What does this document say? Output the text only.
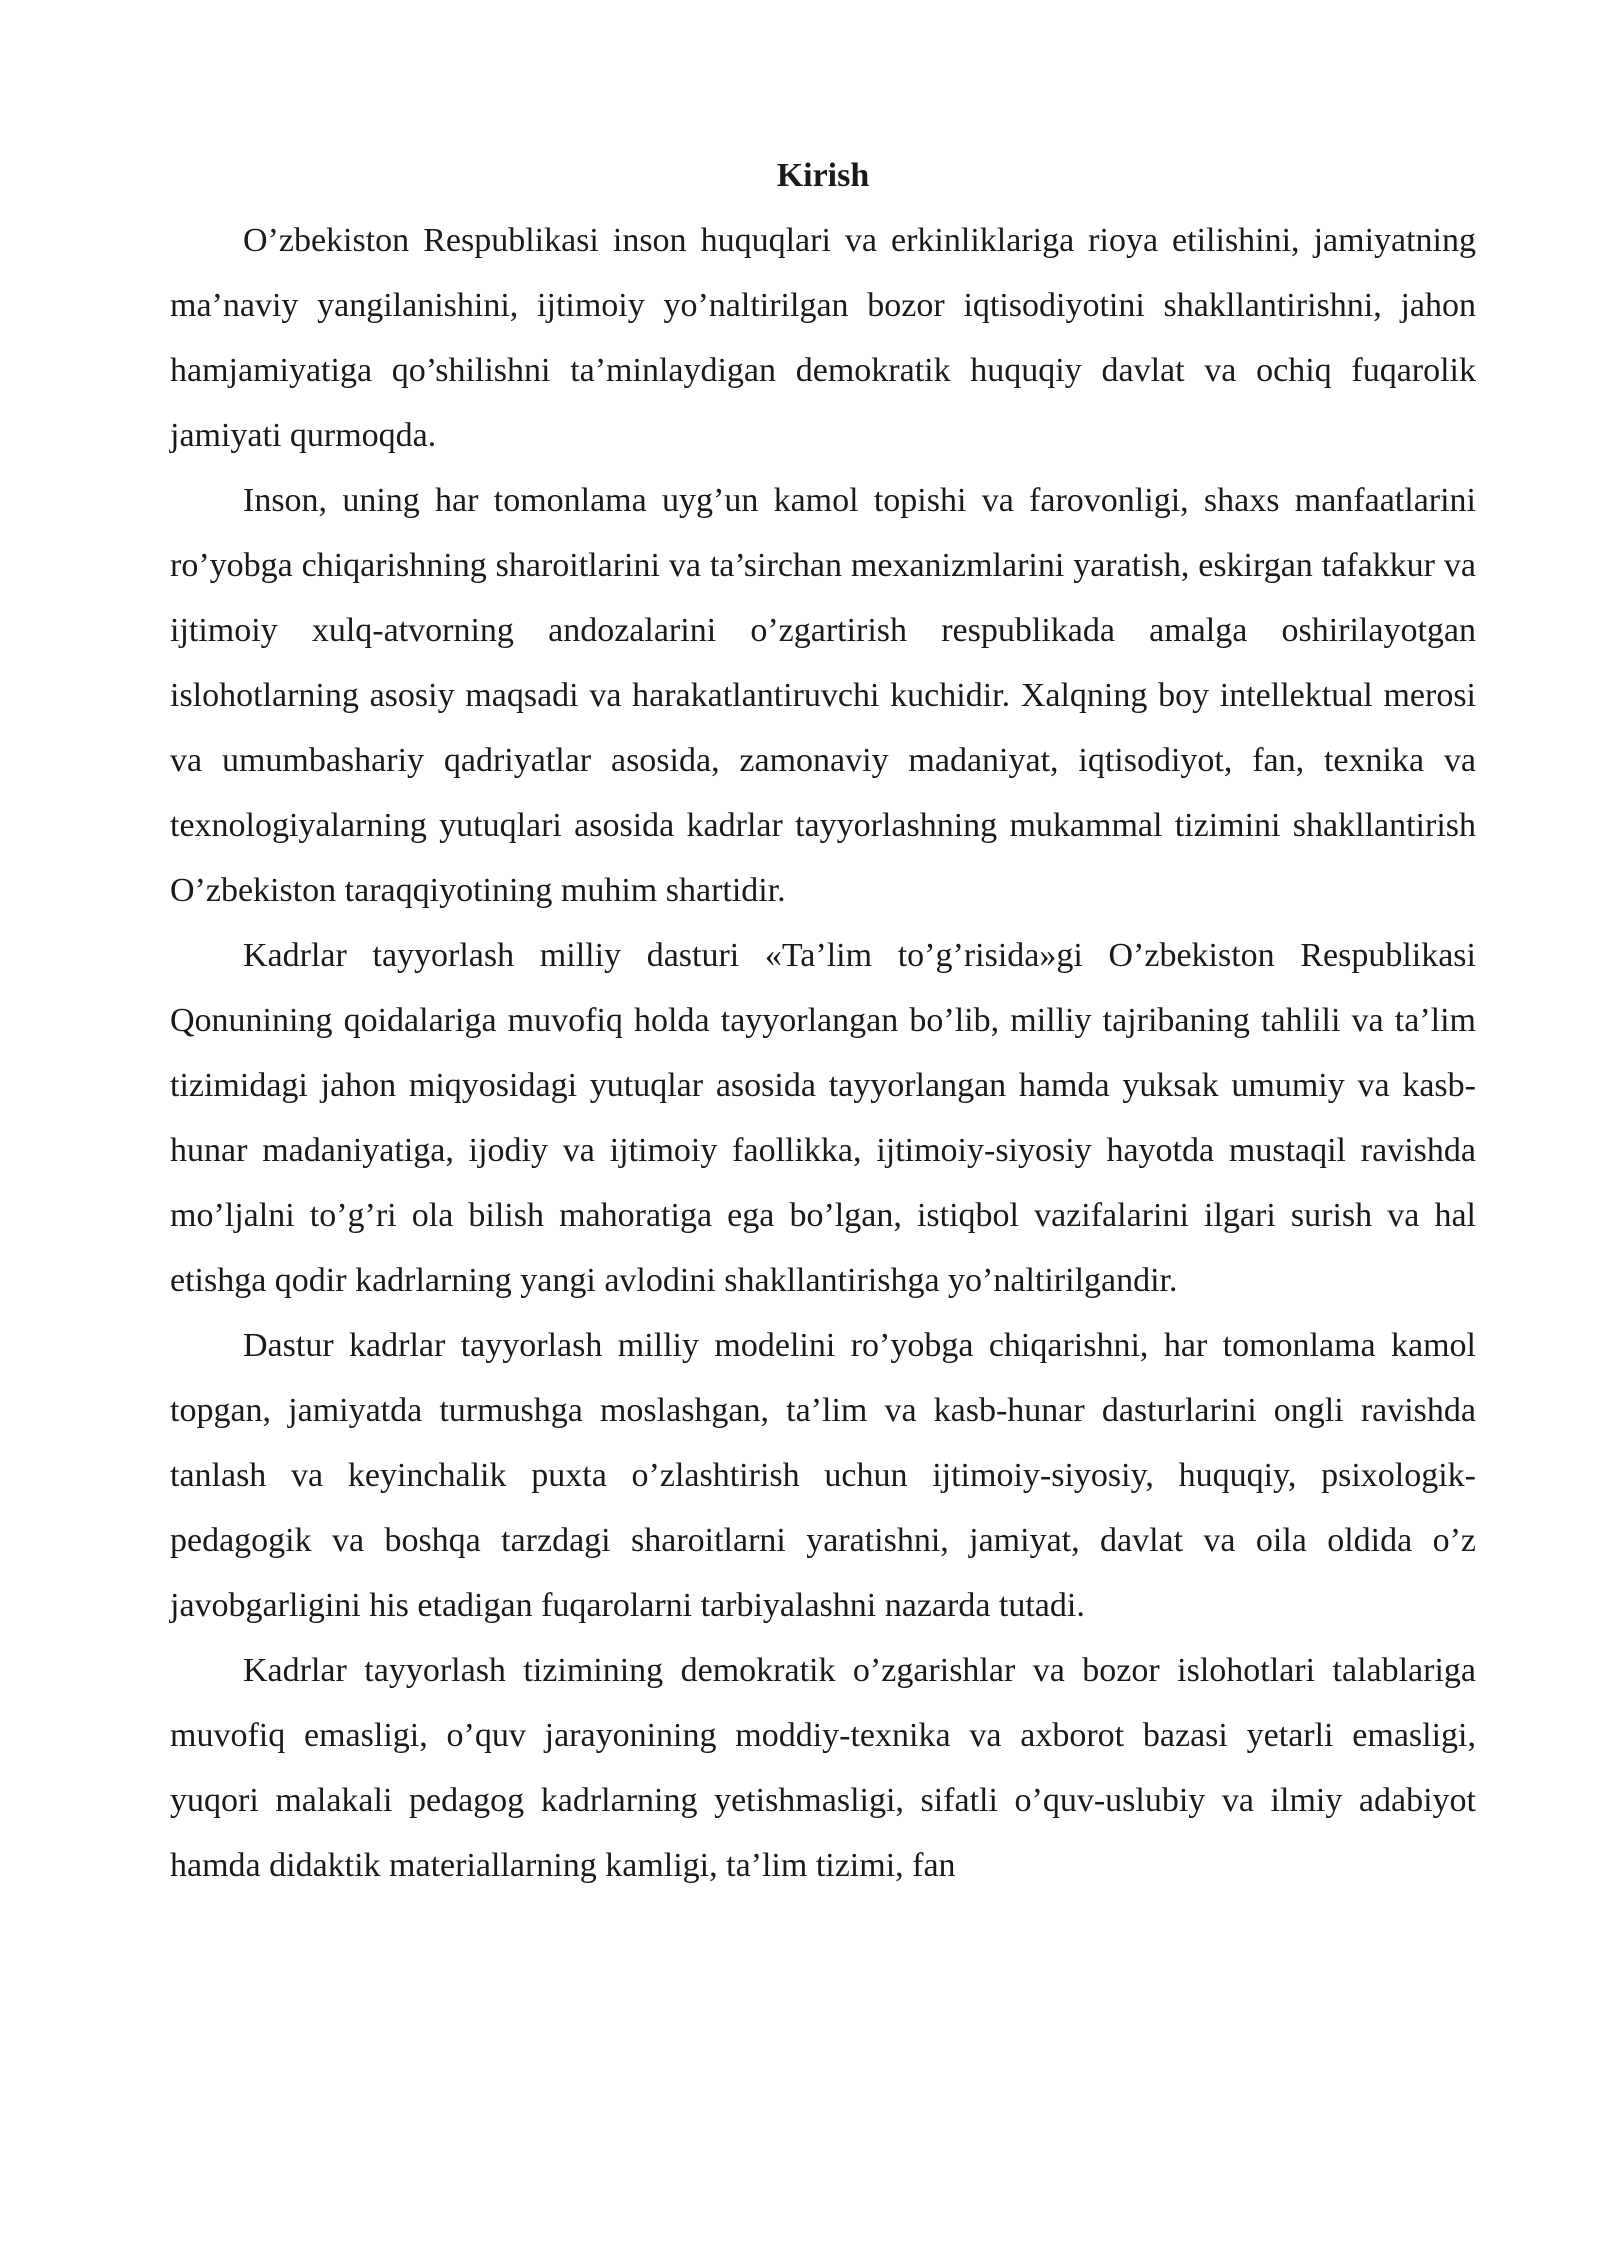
Kirish

O’zbekiston Respublikasi inson huquqlari va erkinliklariga rioya etilishini, jamiyatning ma’naviy yangilanishini, ijtimoiy yo’naltirilgan bozor iqtisodiyotini shakllantirishni, jahon hamjamiyatiga qo’shilishni ta’minlaydigan demokratik huquqiy davlat va ochiq fuqarolik jamiyati qurmoqda.

Inson, uning har tomonlama uyg’un kamol topishi va farovonligi, shaxs manfaatlarini ro’yobga chiqarishning sharoitlarini va ta’sirchan mexanizmlarini yaratish, eskirgan tafakkur va ijtimoiy xulq-atvorning andozalarini o’zgartirish respublikada amalga oshirilayotgan islohotlarning asosiy maqsadi va harakatlantiruvchi kuchidir. Xalqning boy intellektual merosi va umumbashariy qadriyatlar asosida, zamonaviy madaniyat, iqtisodiyot, fan, texnika va texnologiyalarning yutuqlari asosida kadrlar tayyorlashning mukammal tizimini shakllantirish O’zbekiston taraqqiyotining muhim shartidir.

Kadrlar tayyorlash milliy dasturi «Ta’lim to’g’risida»gi O’zbekiston Respublikasi Qonunining qoidalariga muvofiq holda tayyorlangan bo’lib, milliy tajribaning tahlili va ta’lim tizimidagi jahon miqyosidagi yutuqlar asosida tayyorlangan hamda yuksak umumiy va kasb-hunar madaniyatiga, ijodiy va ijtimoiy faollikka, ijtimoiy-siyosiy hayotda mustaqil ravishda mo’ljalni to’g’ri ola bilish mahoratiga ega bo’lgan, istiqbol vazifalarini ilgari surish va hal etishga qodir kadrlarning yangi avlodini shakllantirishga yo’naltirilgandir.

Dastur kadrlar tayyorlash milliy modelini ro’yobga chiqarishni, har tomonlama kamol topgan, jamiyatda turmushga moslashgan, ta’lim va kasb-hunar dasturlarini ongli ravishda tanlash va keyinchalik puxta o’zlashtirish uchun ijtimoiy-siyosiy, huquqiy, psixologik-pedagogik va boshqa tarzdagi sharoitlarni yaratishni, jamiyat, davlat va oila oldida o’z javobgarligini his etadigan fuqarolarni tarbiyalashni nazarda tutadi.

Kadrlar tayyorlash tizimining demokratik o’zgarishlar va bozor islohotlari talablariga muvofiq emasligi, o’quv jarayonining moddiy-texnika va axborot bazasi yetarli emasligi, yuqori malakali pedagog kadrlarning yetishmasligi, sifatli o’quv-uslubiy va ilmiy adabiyot hamda didaktik materiallarning kamligi, ta’lim tizimi, fan
